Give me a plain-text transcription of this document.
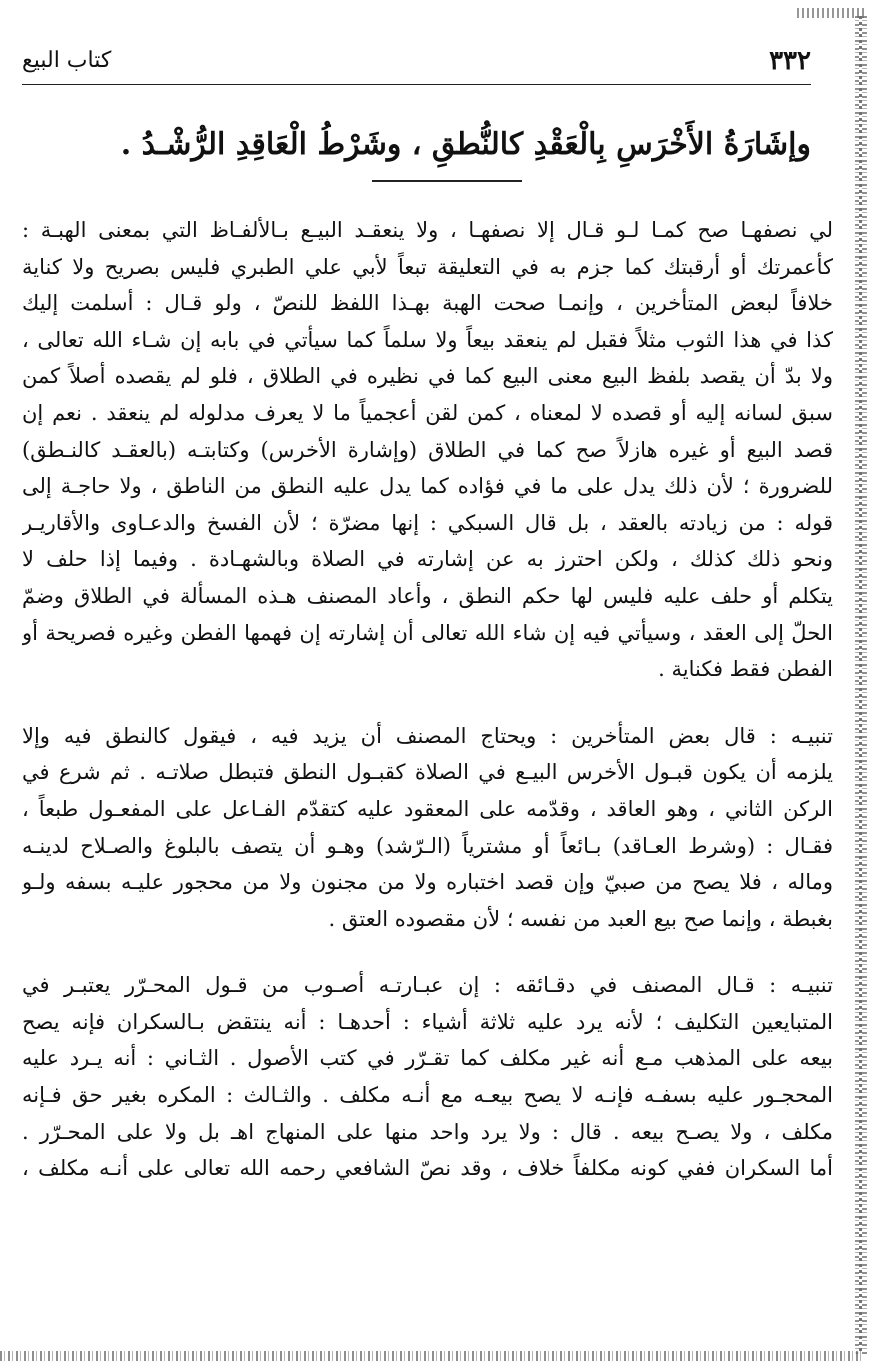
٣٣٢
كتاب البيع
وإشَارَةُ الأَخْرَسِ بِالْعَقْدِ كالنُّطقِ ، وشَرْطُ الْعَاقِدِ الرُّشْـدُ .
لي نصفهـا صح كمـا لـو قـال إلا نصفهـا ، ولا ينعقـد البيـع بـالألفـاظ التي بمعنى الهبـة :
كأعمرتك أو أرقبتك كما جزم به في التعليقة تبعاً لأبي علي الطبري فليس بصريح ولا كناية
خلافاً لبعض المتأخرين ، وإنمـا صحت الهبة بهـذا اللفظ للنصّ ، ولو قـال : أسلمت إليك
كذا في هذا الثوب مثلاً فقبل لم ينعقد بيعاً ولا سلماً كما سيأتي في بابه إن شـاء الله تعالى ،
ولا بدّ أن يقصد بلفظ البيع معنى البيع كما في نظيره في الطلاق ، فلو لم يقصده أصلاً كمن
سبق لسانه إليه أو قصده لا لمعناه ، كمن لقن أعجمياً ما لا يعرف مدلوله لم ينعقد . نعم إن
قصد البيع أو غيره هازلاً صح كما في الطلاق (وإشارة الأخرس) وكتابتـه (بالعقـد كالنـطق)
للضرورة ؛ لأن ذلك يدل على ما في فؤاده كما يدل عليه النطق من الناطق ، ولا حاجـة إلى
قوله : من زيادته بالعقد ، بل قال السبكي : إنها مضرّة ؛ لأن الفسخ والدعـاوى والأقاريـر
ونحو ذلك كذلك ، ولكن احترز به عن إشارته في الصلاة وبالشهـادة . وفيما إذا حلف لا
يتكلم أو حلف عليه فليس لها حكم النطق ، وأعاد المصنف هـذه المسألة في الطلاق وضمّ
الحلّ إلى العقد ، وسيأتي فيه إن شاء الله تعالى أن إشارته إن فهمها الفطن وغيره فصريحة أو
الفطن فقط فكناية .
تنبيـه : قال بعض المتأخرين : ويحتاج المصنف أن يزيد فيه ، فيقول كالنطق فيه وإلا
يلزمه أن يكون قبـول الأخرس البيـع في الصلاة كقبـول النطق فتبطل صلاتـه . ثم شرع في
الركن الثاني ، وهو العاقد ، وقدّمه على المعقود عليه كتقدّم الفـاعل على المفعـول طبعاً ،
فقـال : (وشرط العـاقد) بـائعاً أو مشترياً (الـرّشد) وهـو أن يتصف بالبلوغ والصـلاح لدينـه
وماله ، فلا يصح من صبيّ وإن قصد اختباره ولا من مجنون ولا من محجور عليـه بسفه ولـو
بغبطة ، وإنما صح بيع العبد من نفسه ؛ لأن مقصوده العتق .
تنبيـه : قـال المصنف في دقـائقه : إن عبـارتـه أصـوب من قـول المحـرّر يعتبـر في
المتبايعين التكليف ؛ لأنه يرد عليه ثلاثة أشياء : أحدهـا : أنه ينتقض بـالسكران فإنه يصح
بيعه على المذهب مـع أنه غير مكلف كما تقـرّر في كتب الأصول . الثـاني : أنه يـرد عليه
المحجـور عليه بسفـه فإنـه لا يصح بيعـه مع أنـه مكلف . والثـالث : المكره بغير حق فـإنه
مكلف ، ولا يصـح بيعه . قال : ولا يرد واحد منها على المنهاج اهـ بل ولا على المحـرّر .
أما السكران ففي كونه مكلفاً خلاف ، وقد نصّ الشافعي رحمه الله تعالى على أنـه مكلف ،
